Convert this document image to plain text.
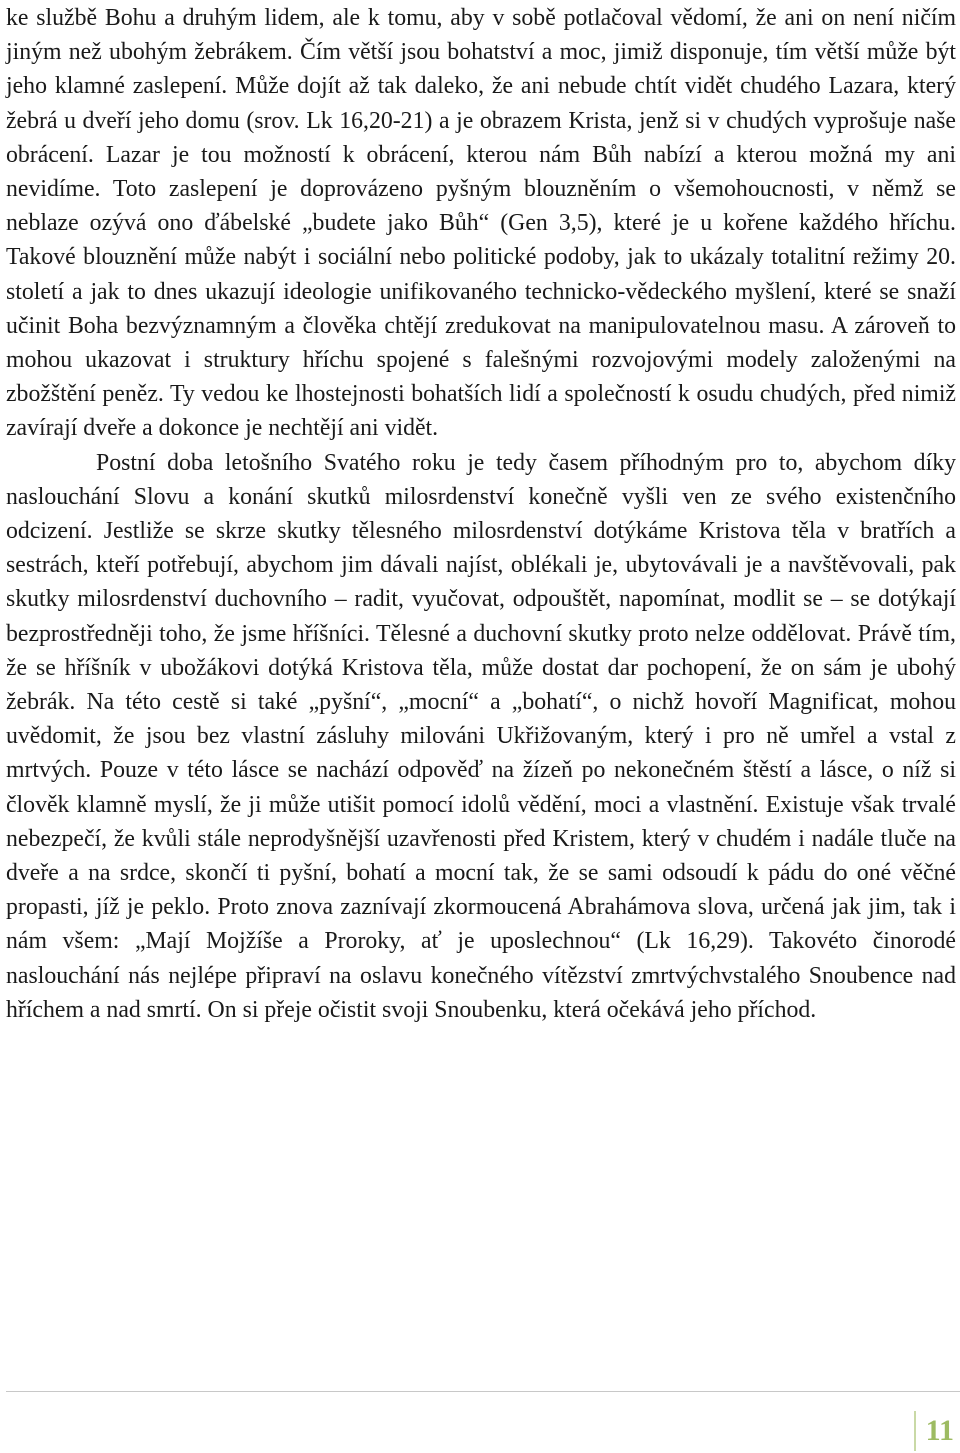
ke službě Bohu a druhým lidem, ale k tomu, aby v sobě potlačoval vědomí, že ani on není ničím jiným než ubohým žebrákem. Čím větší jsou bohatství a moc, jimiž disponuje, tím větší může být jeho klamné zaslepení. Může dojít až tak daleko, že ani nebude chtít vidět chudého Lazara, který žebrá u dveří jeho domu (srov. Lk 16,20-21) a je obrazem Krista, jenž si v chudých vyprošuje naše obrácení. Lazar je tou možností k obrácení, kterou nám Bůh nabízí a kterou možná my ani nevidíme. Toto zaslepení je doprovázeno pyšným blouzněním o všemohoucnosti, v němž se neblaze ozývá ono ďábelské „budete jako Bůh“ (Gen 3,5), které je u kořene každého hříchu. Takové blouznění může nabýt i sociální nebo politické podoby, jak to ukázaly totalitní režimy 20. století a jak to dnes ukazují ideologie unifikovaného technicko-vědeckého myšlení, které se snaží učinit Boha bezvýznamným a člověka chtějí zredukovat na manipulovatelnou masu. A zároveň to mohou ukazovat i struktury hříchu spojené s falešnými rozvojovými modely založenými na zbožštění peněz. Ty vedou ke lhostejnosti bohatších lidí a společností k osudu chudých, před nimiž zavírají dveře a dokonce je nechtějí ani vidět.

Postní doba letošního Svatého roku je tedy časem příhodným pro to, abychom díky naslouchání Slovu a konání skutků milosrdenství konečně vyšli ven ze svého existenčního odcizení. Jestliže se skrze skutky tělesného milosrdenství dotýkáme Kristova těla v bratřích a sestrách, kteří potřebují, abychom jim dávali najíst, oblékali je, ubytovávali je a navštěvovali, pak skutky milosrdenství duchovního – radit, vyučovat, odpouštět, napomínat, modlit se – se dotýkají bezprostředněji toho, že jsme hříšníci. Tělesné a duchovní skutky proto nelze oddělovat. Právě tím, že se hříšník v ubožákovi dotýká Kristova těla, může dostat dar pochopení, že on sám je ubohý žebrák. Na této cestě si také „pyšní“, „mocní“ a „bohatí“, o nichž hovoří Magnificat, mohou uvědomit, že jsou bez vlastní zásluhy milováni Ukřižovaným, který i pro ně umřel a vstal z mrtvých. Pouze v této lásce se nachází odpověď na žízeň po nekonečném štěstí a lásce, o níž si člověk klamně myslí, že ji může utišit pomocí idolů vědění, moci a vlastnění. Existuje však trvalé nebezpečí, že kvůli stále neprodyšnější uzavřenosti před Kristem, který v chudém i nadále tluče na dveře a na srdce, skončí ti pyšní, bohatí a mocní tak, že se sami odsoudí k pádu do oné věčné propasti, jíž je peklo. Proto znova zaznívají zkormoucená Abrahámova slova, určená jak jim, tak i nám všem: „Mají Mojžíše a Proroky, ať je uposlechnou“ (Lk 16,29). Takovéto činorodé naslouchání nás nejlépe připraví na oslavu konečného vítězství zmrtvýchvstalého Snoubence nad hříchem a nad smrtí. On si přeje očistit svoji Snoubenku, která očekává jeho příchod.

11
